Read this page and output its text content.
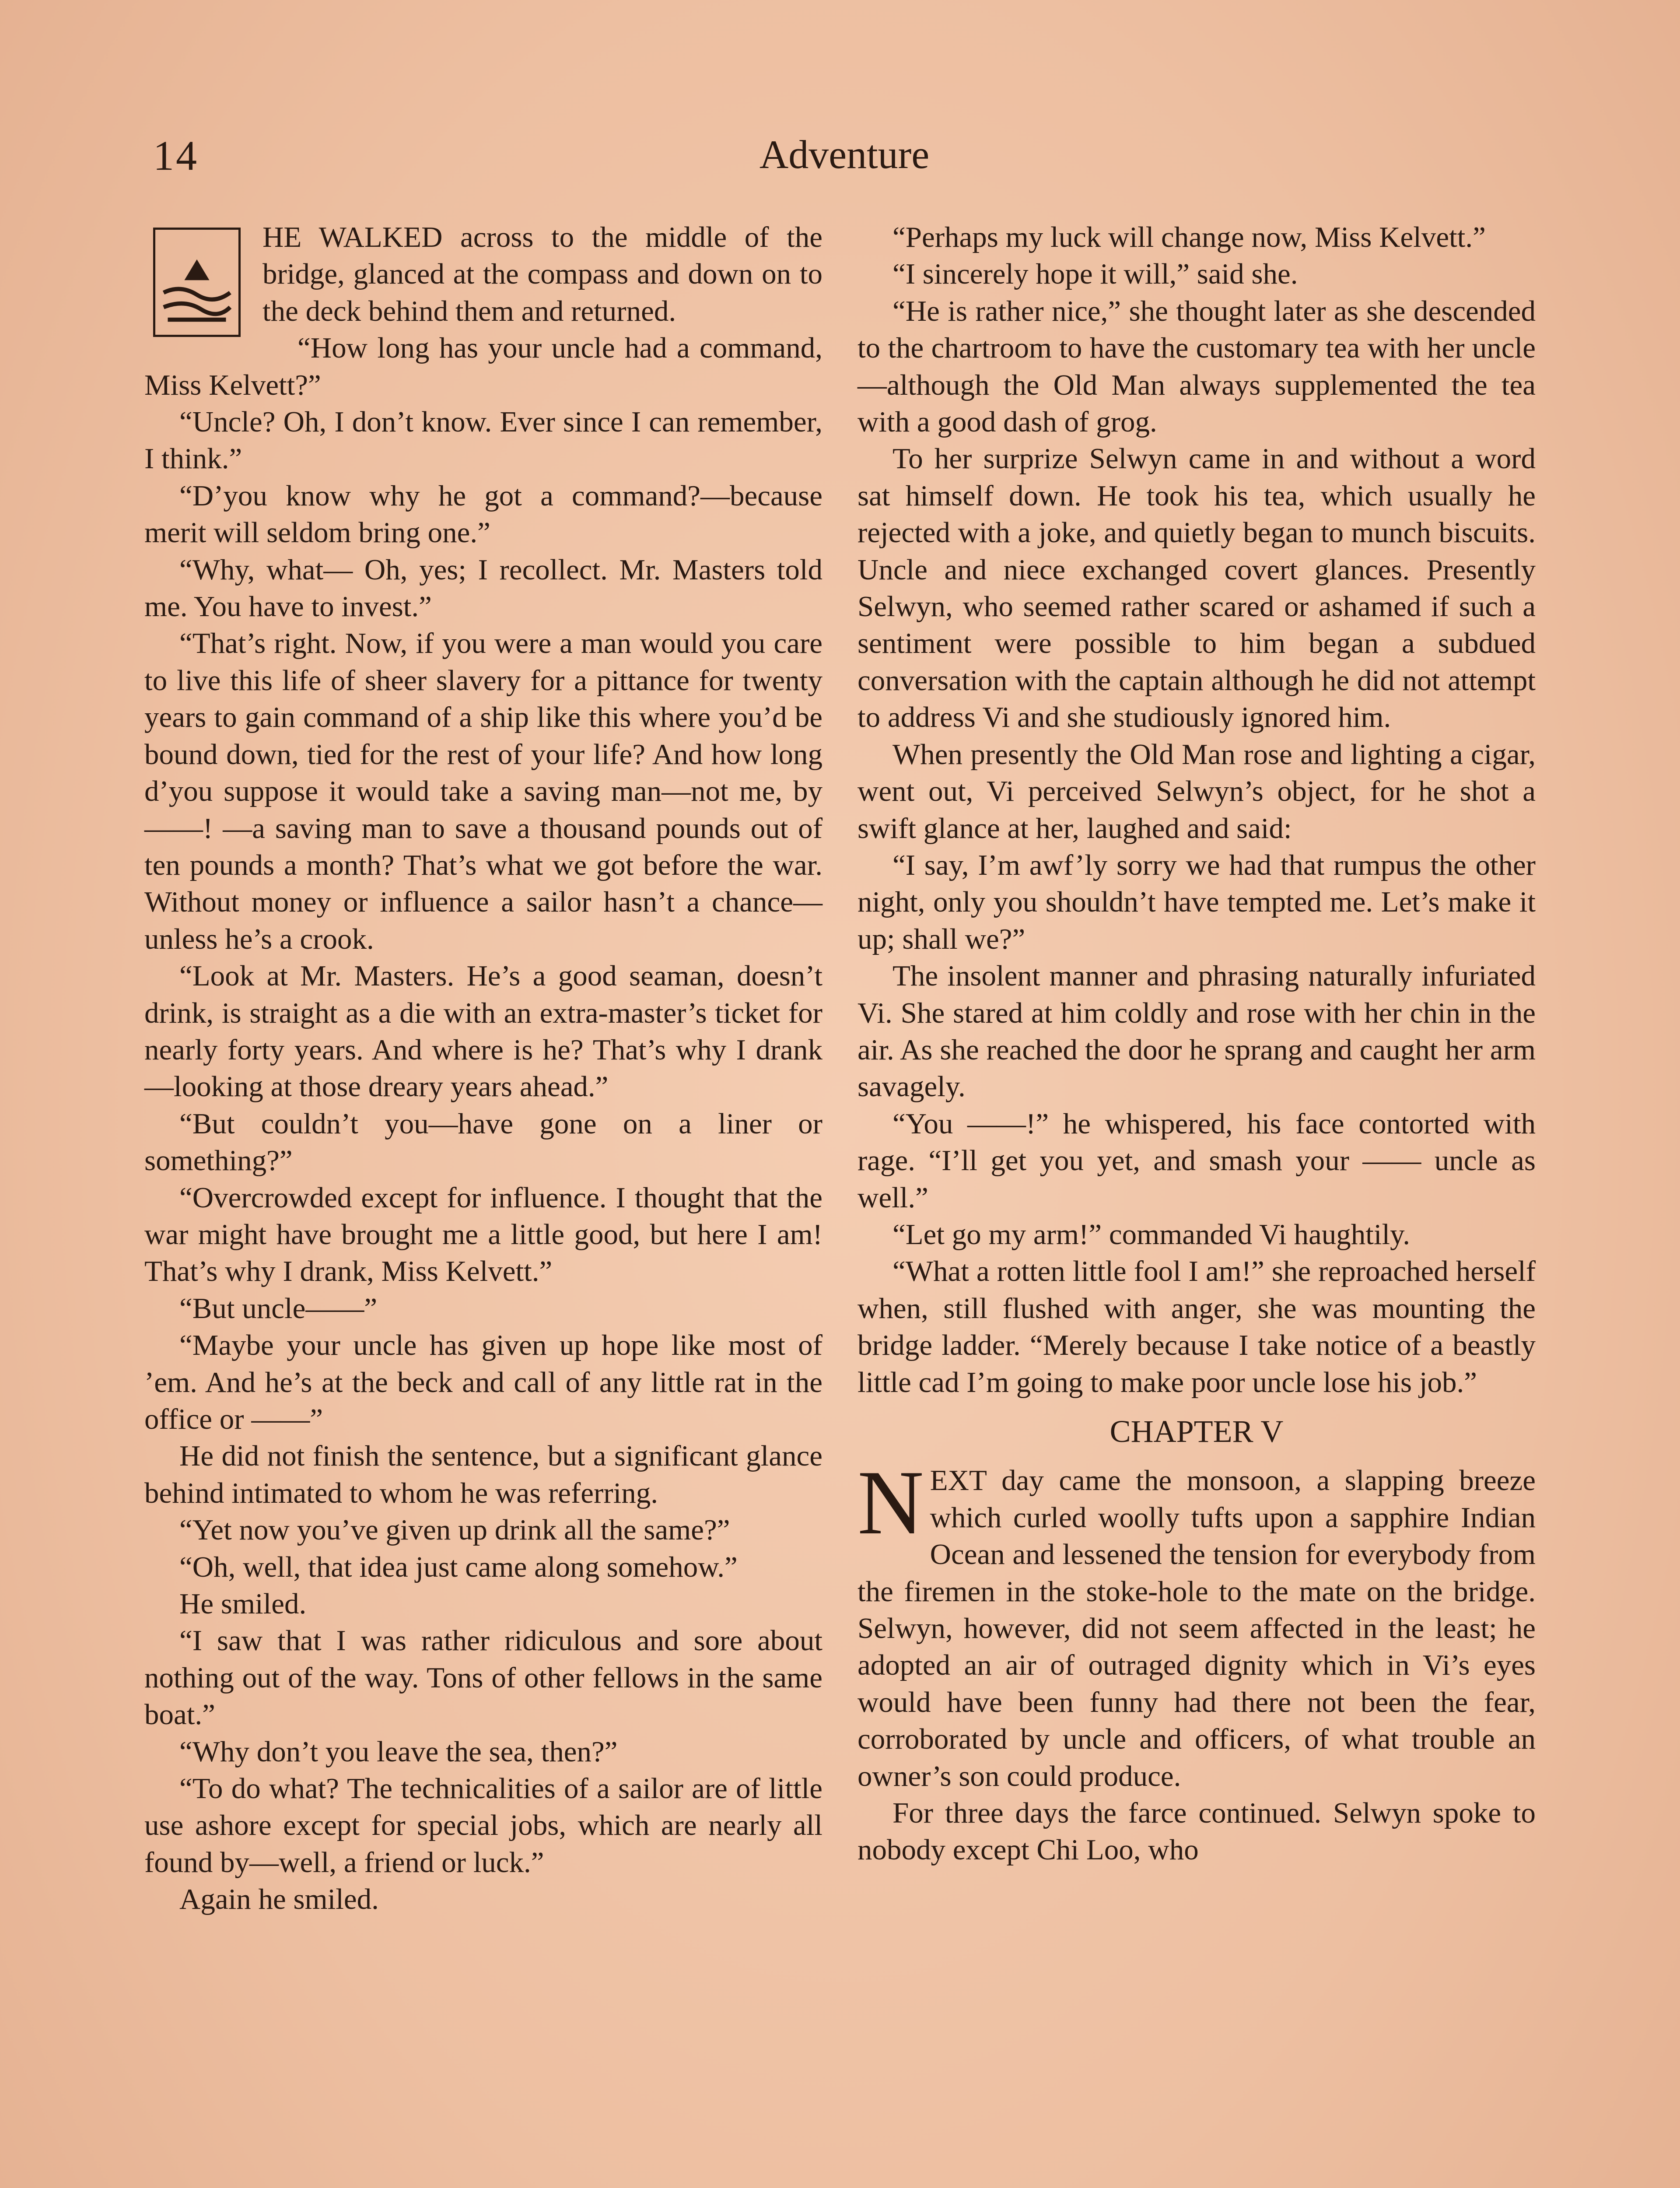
14	Adventure

HE WALKED across to the middle of the bridge, glanced at the compass and down on to the deck behind them and returned.

“How long has your uncle had a command, Miss Kelvett?”

“Uncle? Oh, I don’t know. Ever since I can remember, I think.”

“D’you know why he got a command?—because merit will seldom bring one.”

“Why, what— Oh, yes; I recollect. Mr. Masters told me. You have to invest.”

“That’s right. Now, if you were a man would you care to live this life of sheer slavery for a pittance for twenty years to gain command of a ship like this where you’d be bound down, tied for the rest of your life? And how long d’you suppose it would take a saving man—not me, by ——! —a saving man to save a thousand pounds out of ten pounds a month? That’s what we got before the war. Without money or influence a sailor hasn’t a chance—unless he’s a crook.

“Look at Mr. Masters. He’s a good seaman, doesn’t drink, is straight as a die with an extra-master’s ticket for nearly forty years. And where is he? That’s why I drank—looking at those dreary years ahead.”

“But couldn’t you—have gone on a liner or something?”

“Overcrowded except for influence. I thought that the war might have brought me a little good, but here I am! That’s why I drank, Miss Kelvett.”

“But uncle——”

“Maybe your uncle has given up hope like most of ’em. And he’s at the beck and call of any little rat in the office or ——”

He did not finish the sentence, but a significant glance behind intimated to whom he was referring.

“Yet now you’ve given up drink all the same?”

“Oh, well, that idea just came along somehow.”

He smiled.

“I saw that I was rather ridiculous and sore about nothing out of the way. Tons of other fellows in the same boat.”

“Why don’t you leave the sea, then?”

“To do what? The technicalities of a sailor are of little use ashore except for special jobs, which are nearly all found by—well, a friend or luck.”

Again he smiled.

“Perhaps my luck will change now, Miss Kelvett.”

“I sincerely hope it will,” said she.

“He is rather nice,” she thought later as she descended to the chartroom to have the customary tea with her uncle—although the Old Man always supplemented the tea with a good dash of grog.

To her surprize Selwyn came in and without a word sat himself down. He took his tea, which usually he rejected with a joke, and quietly began to munch biscuits. Uncle and niece exchanged covert glances. Presently Selwyn, who seemed rather scared or ashamed if such a sentiment were possible to him began a subdued conversation with the captain although he did not attempt to address Vi and she studiously ignored him.

When presently the Old Man rose and lighting a cigar, went out, Vi perceived Selwyn’s object, for he shot a swift glance at her, laughed and said:

“I say, I’m awf’ly sorry we had that rumpus the other night, only you shouldn’t have tempted me. Let’s make it up; shall we?”

The insolent manner and phrasing naturally infuriated Vi. She stared at him coldly and rose with her chin in the air. As she reached the door he sprang and caught her arm savagely.

“You ——!” he whispered, his face contorted with rage. “I’ll get you yet, and smash your —— uncle as well.”

“Let go my arm!” commanded Vi haughtily.

“What a rotten little fool I am!” she reproached herself when, still flushed with anger, she was mounting the bridge ladder. “Merely because I take notice of a beastly little cad I’m going to make poor uncle lose his job.”

CHAPTER V

NEXT day came the monsoon, a slapping breeze which curled woolly tufts upon a sapphire Indian Ocean and lessened the tension for everybody from the firemen in the stoke-hole to the mate on the bridge. Selwyn, however, did not seem affected in the least; he adopted an air of outraged dignity which in Vi’s eyes would have been funny had there not been the fear, corroborated by uncle and officers, of what trouble an owner’s son could produce.

For three days the farce continued. Selwyn spoke to nobody except Chi Loo, who
